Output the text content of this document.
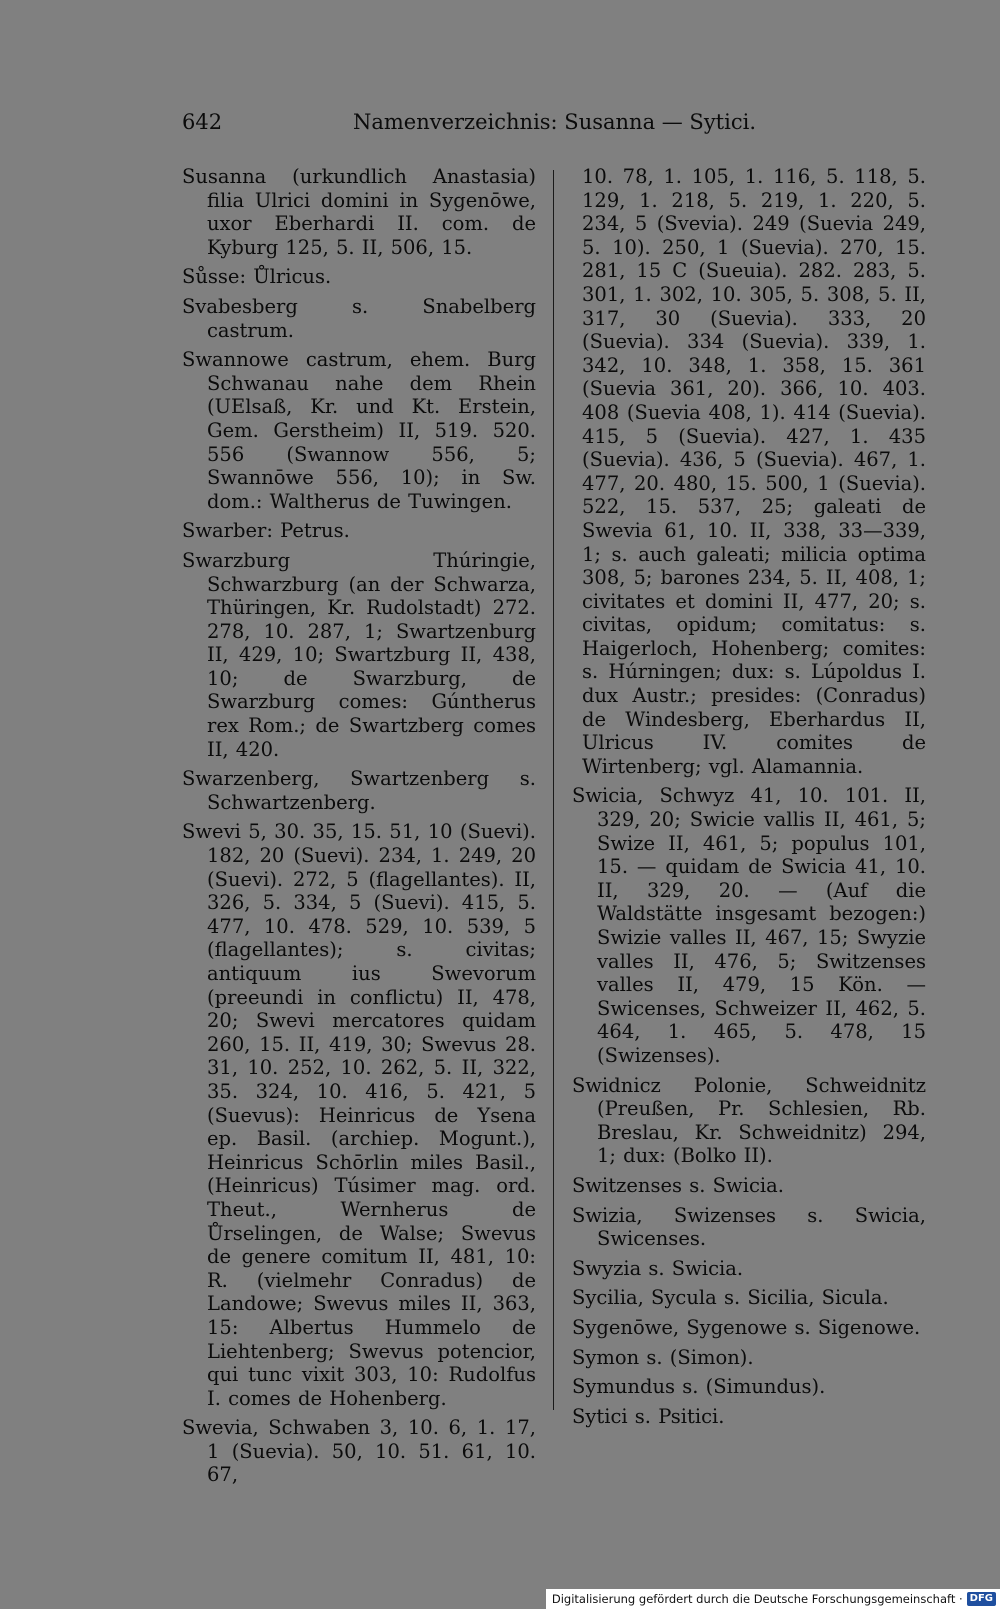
642	Namenverzeichnis: Susanna — Sytici.

Susanna (urkundlich Anastasia) filia Ulrici domini in Sygenōwe, uxor Eberhardi II. com. de Kyburg 125, 5. II, 506, 15.

Sůsse: Ůlricus.

Svabesberg s. Snabelberg castrum.

Swannowe castrum, ehem. Burg Schwanau nahe dem Rhein (UElsaß, Kr. und Kt. Erstein, Gem. Gerstheim) II, 519. 520. 556 (Swannow 556, 5; Swannōwe 556, 10); in Sw. dom.: Waltherus de Tuwingen.

Swarber: Petrus.

Swarzburg Thúringie, Schwarzburg (an der Schwarza, Thüringen, Kr. Rudolstadt) 272. 278, 10. 287, 1; Swartzenburg II, 429, 10; Swartzburg II, 438, 10; de Swarzburg, de Swarzburg comes: Gúntherus rex Rom.; de Swartzberg comes II, 420.

Swarzenberg, Swartzenberg s. Schwartzenberg.

Swevi 5, 30. 35, 15. 51, 10 (Suevi). 182, 20 (Suevi). 234, 1. 249, 20 (Suevi). 272, 5 (flagellantes). II, 326, 5. 334, 5 (Suevi). 415, 5. 477, 10. 478. 529, 10. 539, 5 (flagellantes); s. civitas; antiquum ius Swevorum (preeundi in conflictu) II, 478, 20; Swevi mercatores quidam 260, 15. II, 419, 30; Swevus 28. 31, 10. 252, 10. 262, 5. II, 322, 35. 324, 10. 416, 5. 421, 5 (Suevus): Heinricus de Ysena ep. Basil. (archiep. Mogunt.), Heinricus Schōrlin miles Basil., (Heinricus) Túsimer mag. ord. Theut., Wernherus de Ůrselingen, de Walse; Swevus de genere comitum II, 481, 10: R. (vielmehr Conradus) de Landowe; Swevus miles II, 363, 15: Albertus Hummelo de Liehtenberg; Swevus potencior, qui tunc vixit 303, 10: Rudolfus I. comes de Hohenberg.

Swevia, Schwaben 3, 10. 6, 1. 17, 1 (Suevia). 50, 10. 51. 61, 10. 67,

10. 78, 1. 105, 1. 116, 5. 118, 5. 129, 1. 218, 5. 219, 1. 220, 5. 234, 5 (Svevia). 249 (Suevia 249, 5. 10). 250, 1 (Suevia). 270, 15. 281, 15 C (Sueuia). 282. 283, 5. 301, 1. 302, 10. 305, 5. 308, 5. II, 317, 30 (Suevia). 333, 20 (Suevia). 334 (Suevia). 339, 1. 342, 10. 348, 1. 358, 15. 361 (Suevia 361, 20). 366, 10. 403. 408 (Suevia 408, 1). 414 (Suevia). 415, 5 (Suevia). 427, 1. 435 (Suevia). 436, 5 (Suevia). 467, 1. 477, 20. 480, 15. 500, 1 (Suevia). 522, 15. 537, 25; galeati de Swevia 61, 10. II, 338, 33—339, 1; s. auch galeati; milicia optima 308, 5; barones 234, 5. II, 408, 1; civitates et domini II, 477, 20; s. civitas, opidum; comitatus: s. Haigerloch, Hohenberg; comites: s. Húrningen; dux: s. Lúpoldus I. dux Austr.; presides: (Conradus) de Windesberg, Eberhardus II, Ulricus IV. comites de Wirtenberg; vgl. Alamannia.

Swicia, Schwyz 41, 10. 101. II, 329, 20; Swicie vallis II, 461, 5; Swize II, 461, 5; populus 101, 15. — quidam de Swicia 41, 10. II, 329, 20. — (Auf die Waldstätte insgesamt bezogen:) Swizie valles II, 467, 15; Swyzie valles II, 476, 5; Switzenses valles II, 479, 15 Kön. — Swicenses, Schweizer II, 462, 5. 464, 1. 465, 5. 478, 15 (Swizenses).

Swidnicz Polonie, Schweidnitz (Preußen, Pr. Schlesien, Rb. Breslau, Kr. Schweidnitz) 294, 1; dux: (Bolko II).

Switzenses s. Swicia.

Swizia, Swizenses s. Swicia, Swicenses.

Swyzia s. Swicia.

Sycilia, Sycula s. Sicilia, Sicula.

Sygenōwe, Sygenowe s. Sigenowe.

Symon s. (Simon).

Symundus s. (Simundus).

Sytici s. Psitici.

Digitalisierung gefördert durch die Deutsche Forschungsgemeinschaft · DFG
